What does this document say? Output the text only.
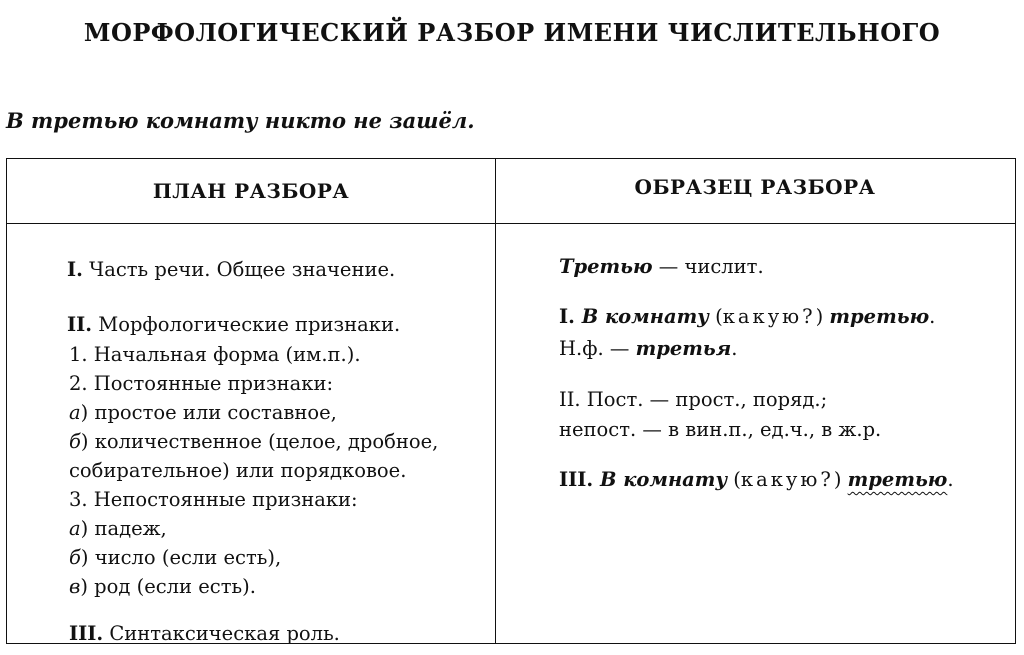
МОРФОЛОГИЧЕСКИЙ РАЗБОР ИМЕНИ ЧИСЛИТЕЛЬНОГО
В третью комнату никто не зашёл.
ПЛАН РАЗБОРА	ОБРАЗЕЦ РАЗБОРА
I. Часть речи. Общее значение.
II. Морфологические признаки.
1. Начальная форма (им.п.).
2. Постоянные признаки:
а) простое или составное,
б) количественное (целое, дробное,
собирательное) или порядковое.
3. Непостоянные признаки:
а) падеж,
б) число (если есть),
в) род (если есть).
III. Синтаксическая роль.
Третью — числит.
I. В комнату (какую?) третью.
Н.ф. — третья.
II. Пост. — прост., поряд.;
непост. — в вин.п., ед.ч., в ж.р.
III. В комнату (какую?) третью.
